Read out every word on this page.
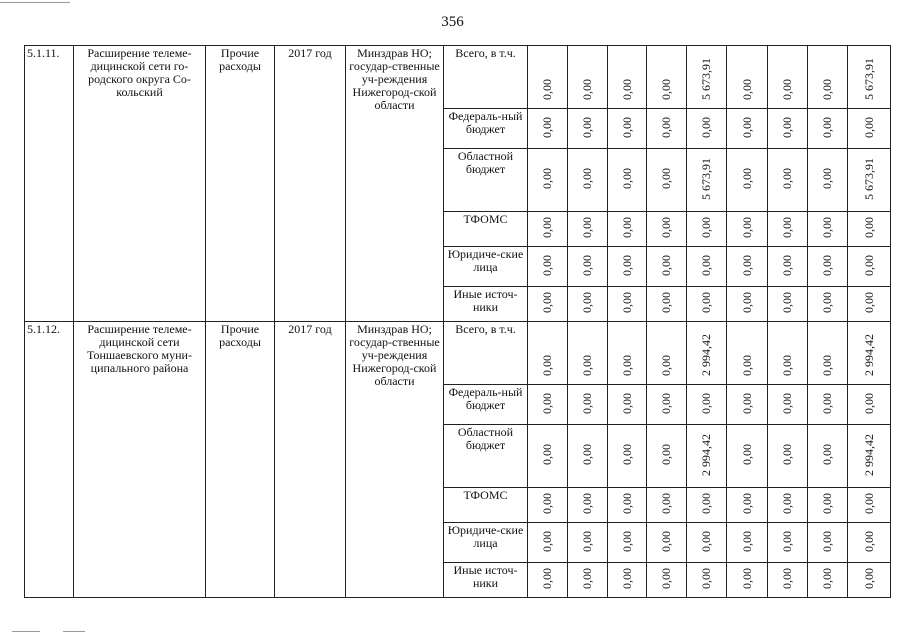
356
5.1.11.	Расширение телеме-дицинской сети го-родского округа Со-кольский	Прочие расходы	2017 год	Минздрав НО; государ-ственные уч-реждения Нижегород-ской области	Всего, в т.ч.	0,00	0,00	0,00	0,00	5 673,91	0,00	0,00	0,00	5 673,91
					Федераль-ный бюджет	0,00	0,00	0,00	0,00	0,00	0,00	0,00	0,00	0,00
					Областной бюджет	0,00	0,00	0,00	0,00	5 673,91	0,00	0,00	0,00	5 673,91
					ТФОМС	0,00	0,00	0,00	0,00	0,00	0,00	0,00	0,00	0,00
					Юридиче-ские лица	0,00	0,00	0,00	0,00	0,00	0,00	0,00	0,00	0,00
					Иные источ-ники	0,00	0,00	0,00	0,00	0,00	0,00	0,00	0,00	0,00
5.1.12.	Расширение телеме-дицинской сети Тоншаевского муни-ципального района	Прочие расходы	2017 год	Минздрав НО; государ-ственные уч-реждения Нижегород-ской области	Всего, в т.ч.	0,00	0,00	0,00	0,00	2 994,42	0,00	0,00	0,00	2 994,42
					Федераль-ный бюджет	0,00	0,00	0,00	0,00	0,00	0,00	0,00	0,00	0,00
					Областной бюджет	0,00	0,00	0,00	0,00	2 994,42	0,00	0,00	0,00	2 994,42
					ТФОМС	0,00	0,00	0,00	0,00	0,00	0,00	0,00	0,00	0,00
					Юридиче-ские лица	0,00	0,00	0,00	0,00	0,00	0,00	0,00	0,00	0,00
					Иные источ-ники	0,00	0,00	0,00	0,00	0,00	0,00	0,00	0,00	0,00
